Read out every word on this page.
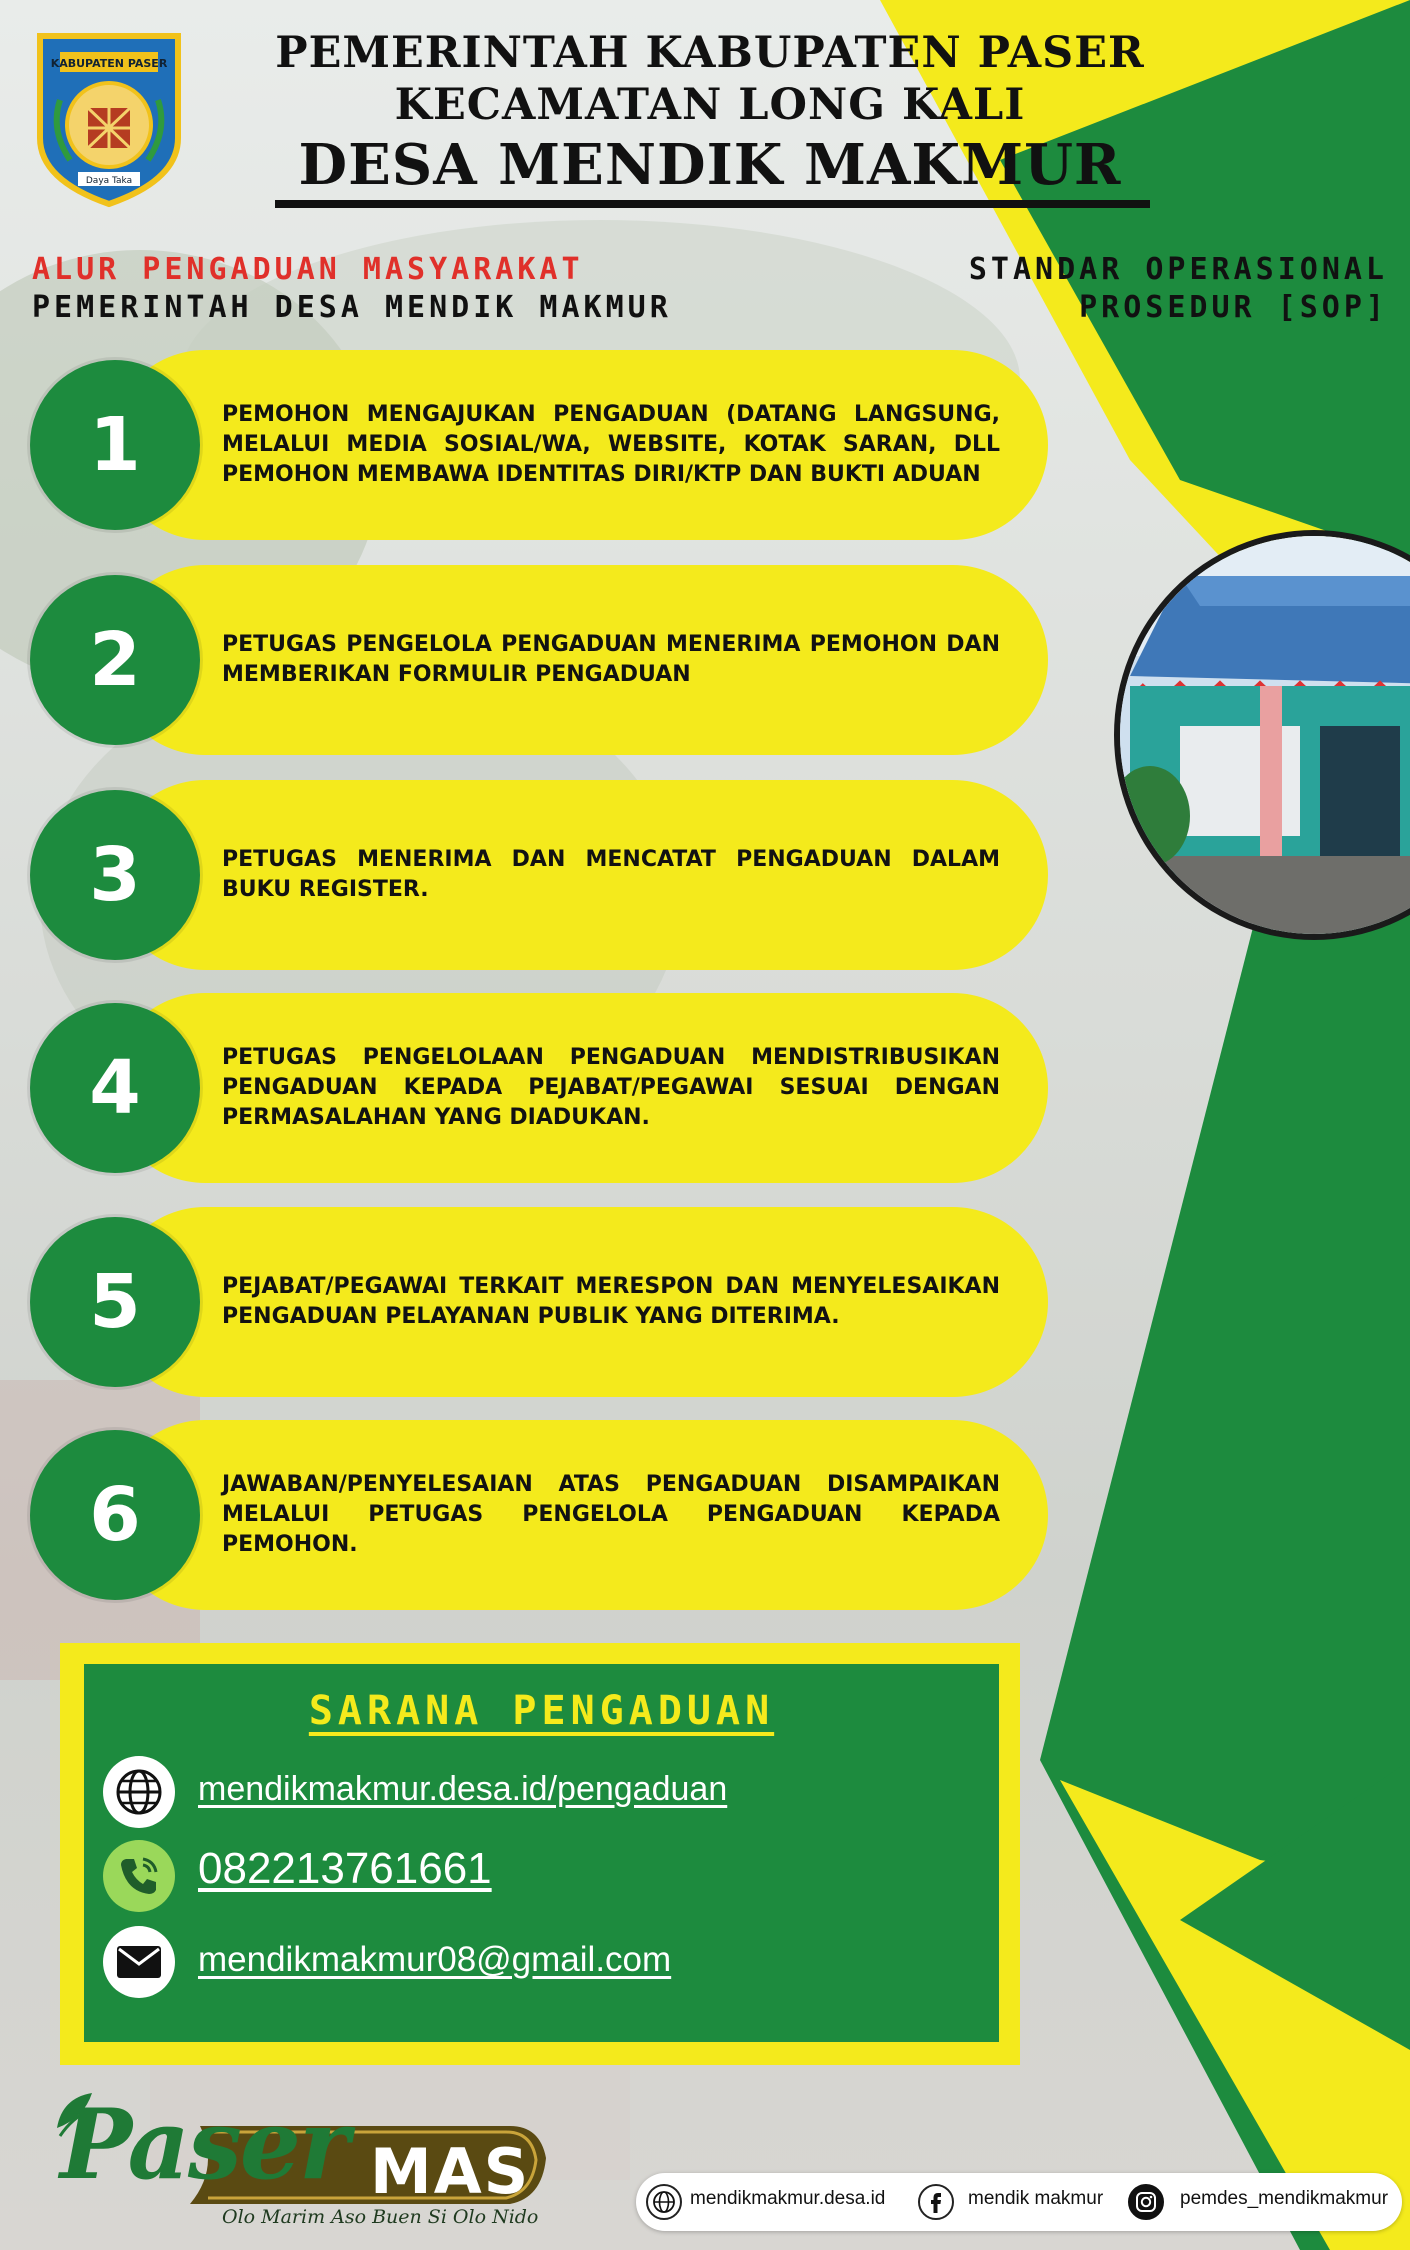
KABUPATEN PASER
Daya Taka
PEMERINTAH KABUPATEN PASER
KECAMATAN LONG KALI
DESA MENDIK MAKMUR
ALUR PENGADUAN MASYARAKAT
PEMERINTAH DESA MENDIK MAKMUR
STANDAR OPERASIONAL
PROSEDUR [SOP]
PEMOHON MENGAJUKAN PENGADUAN (DATANG LANGSUNG, MELALUI MEDIA SOSIAL/WA, WEBSITE, KOTAK SARAN, DLL PEMOHON MEMBAWA IDENTITAS DIRI/KTP DAN BUKTI ADUAN
1
PETUGAS PENGELOLA PENGADUAN MENERIMA PEMOHON DAN MEMBERIKAN FORMULIR PENGADUAN
2
PETUGAS MENERIMA DAN MENCATAT PENGADUAN DALAM BUKU REGISTER.
3
PETUGAS PENGELOLAAN PENGADUAN MENDISTRIBUSIKAN PENGADUAN KEPADA PEJABAT/PEGAWAI SESUAI DENGAN PERMASALAHAN YANG DIADUKAN.
4
PEJABAT/PEGAWAI TERKAIT MERESPON DAN MENYELESAIKAN PENGADUAN PELAYANAN PUBLIK YANG DITERIMA.
5
JAWABAN/PENYELESAIAN ATAS PENGADUAN DISAMPAIKAN MELALUI PETUGAS PENGELOLA PENGADUAN KEPADA PEMOHON.
6
SARANA PENGADUAN
mendikmakmur.desa.id/pengaduan
082213761661
mendikmakmur08@gmail.com
Paser MAS
Olo Marim Aso Buen Si Olo Nido
mendikmakmur.desa.id	mendik makmur	pemdes_mendikmakmur
